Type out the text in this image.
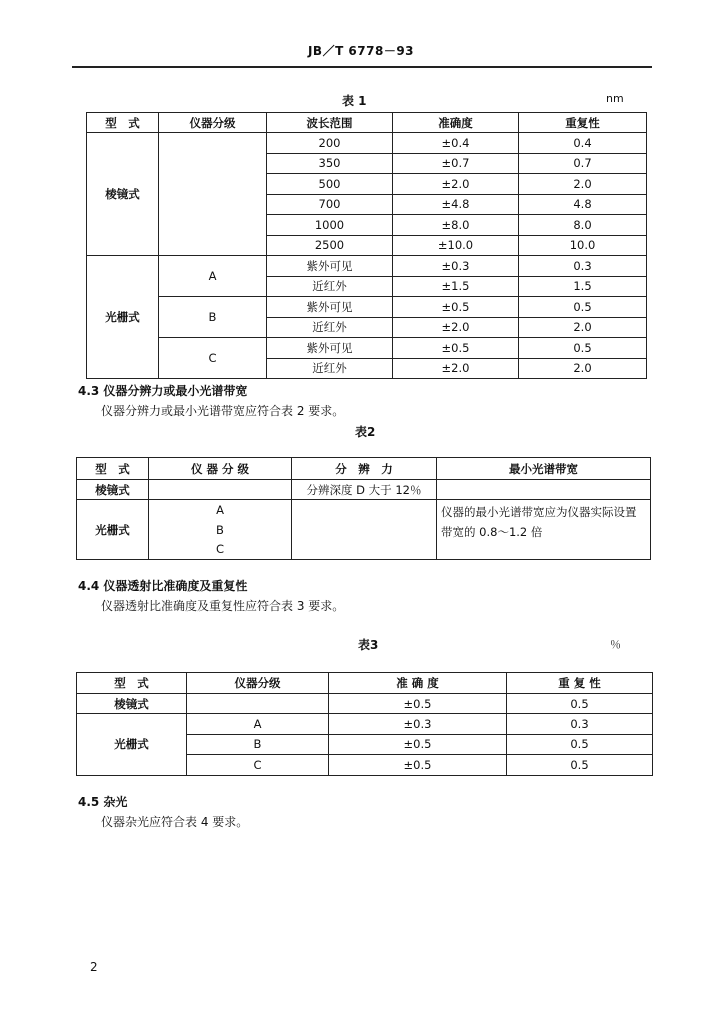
JB／T 6778－93
表 1	nm
型　式	仪器分级	波长范围	准确度	重复性
棱镜式		200	±0.4	0.4
		350	±0.7	0.7
		500	±2.0	2.0
		700	±4.8	4.8
		1000	±8.0	8.0
		2500	±10.0	10.0
光栅式	A	紫外可见	±0.3	0.3
		近红外	±1.5	1.5
	B	紫外可见	±0.5	0.5
		近红外	±2.0	2.0
	C	紫外可见	±0.5	0.5
		近红外	±2.0	2.0
4.3 仪器分辨力或最小光谱带宽
仪器分辨力或最小光谱带宽应符合表 2 要求。
表2
型　式	仪 器 分 级	分　辨　力	最小光谱带宽
棱镜式		分辨深度 D 大于 12％	
光栅式	A		仪器的最小光谱带宽应为仪器实际设置带宽的 0.8～1.2 倍
	B		
	C		
4.4 仪器透射比准确度及重复性
仪器透射比准确度及重复性应符合表 3 要求。
表3	％
型　式	仪器分级	准 确 度	重 复 性
棱镜式		±0.5	0.5
光栅式	A	±0.3	0.3
	B	±0.5	0.5
	C	±0.5	0.5
4.5 杂光
仪器杂光应符合表 4 要求。
2
